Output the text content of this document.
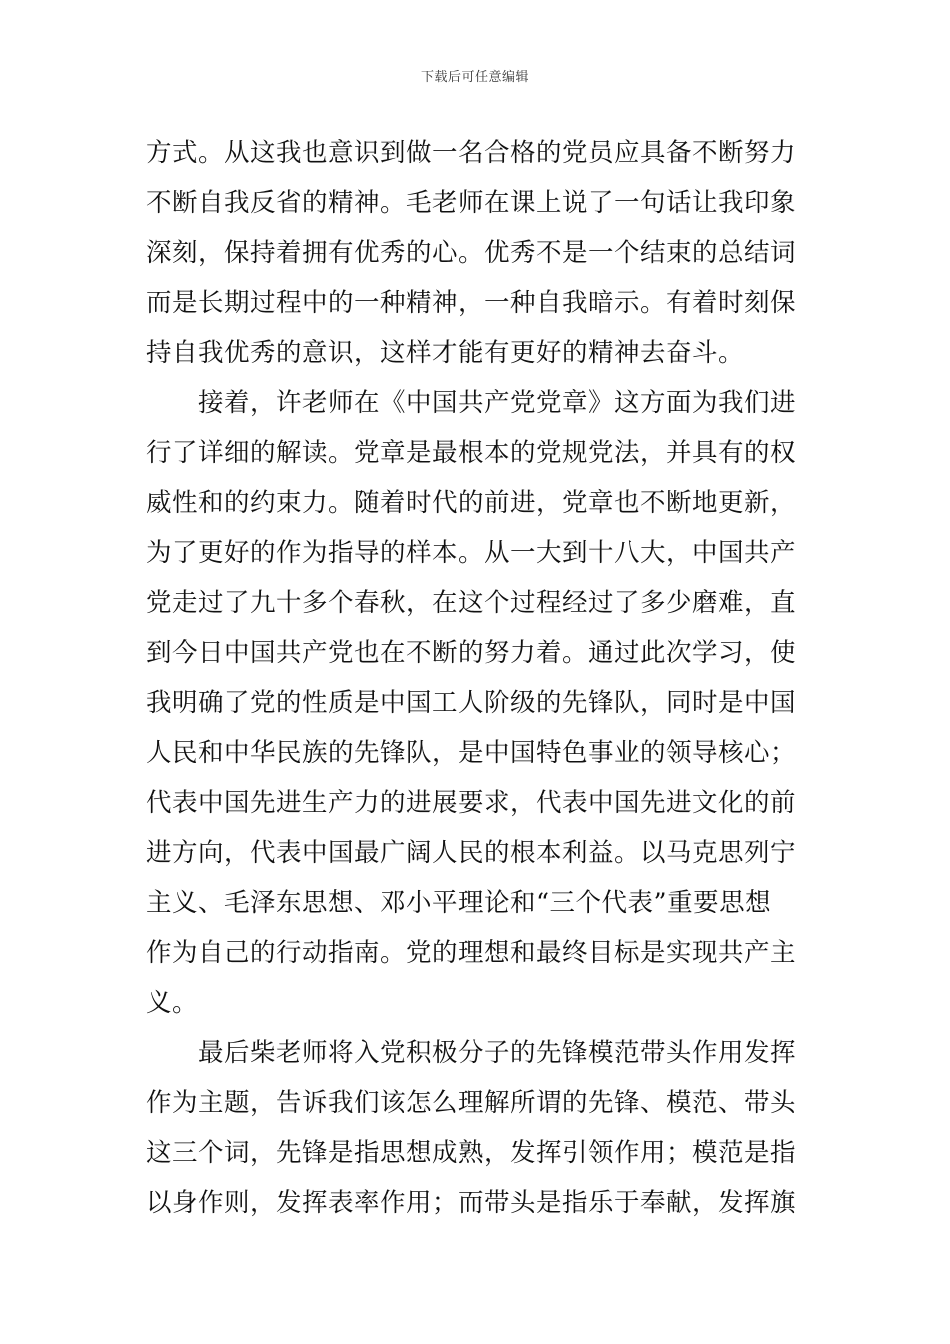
下载后可任意编辑
方式。从这我也意识到做一名合格的党员应具备不断努力
不断自我反省的精神。毛老师在课上说了一句话让我印象
深刻，保持着拥有优秀的心。优秀不是一个结束的总结词
而是长期过程中的一种精神，一种自我暗示。有着时刻保
持自我优秀的意识，这样才能有更好的精神去奋斗。
　　接着，许老师在《中国共产党党章》这方面为我们进
行了详细的解读。党章是最根本的党规党法，并具有的权
威性和的约束力。随着时代的前进，党章也不断地更新，
为了更好的作为指导的样本。从一大到十八大，中国共产
党走过了九十多个春秋，在这个过程经过了多少磨难，直
到今日中国共产党也在不断的努力着。通过此次学习，使
我明确了党的性质是中国工人阶级的先锋队，同时是中国
人民和中华民族的先锋队，是中国特色事业的领导核心；
代表中国先进生产力的进展要求，代表中国先进文化的前
进方向，代表中国最广阔人民的根本利益。以马克思列宁
主义、毛泽东思想、邓小平理论和“三个代表”重要思想
作为自己的行动指南。党的理想和最终目标是实现共产主
义。
　　最后柴老师将入党积极分子的先锋模范带头作用发挥
作为主题，告诉我们该怎么理解所谓的先锋、模范、带头
这三个词，先锋是指思想成熟，发挥引领作用；模范是指
以身作则，发挥表率作用；而带头是指乐于奉献，发挥旗
